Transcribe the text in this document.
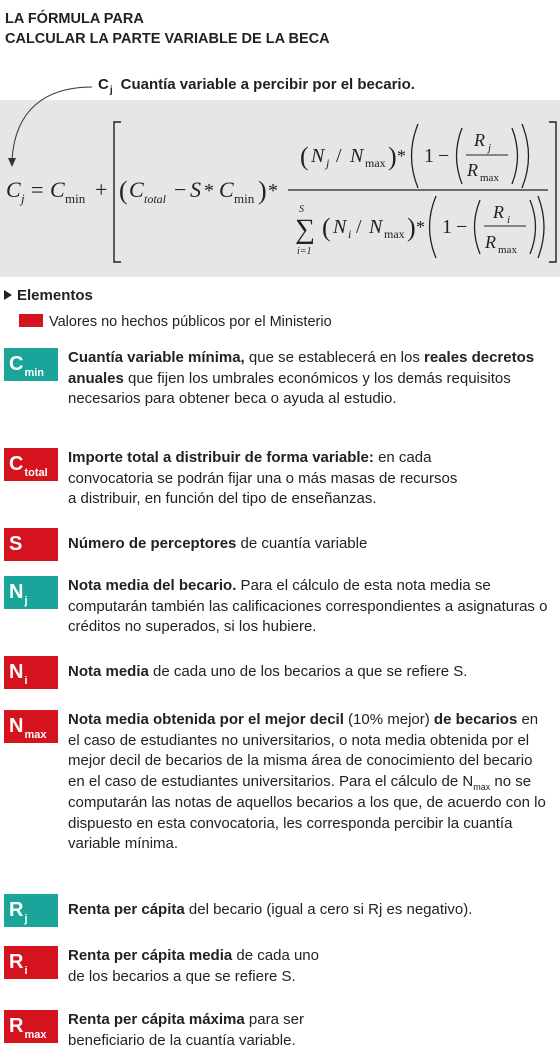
LA FÓRMULA PARA
CALCULAR LA PARTE VARIABLE DE LA BECA
$C_j$ Cuantía variable a percibir por el becario.
C j = C min + ( C total − S * C min ) *
( N j / N max ) * 1 −
R j
R max
S
∑
i=1
( N i / N max ) * 1 −
R i
R max
Elementos
Valores no hechos públicos por el Ministerio
$C_{min}$
Cuantía variable mínima, que se establecerá en los reales decretos anuales que fijen los umbrales económicos y los demás requisitos necesarios para obtener beca o ayuda al estudio.
$C_{total}$
Importe total a distribuir de forma variable: en cada
convocatoria se podrán fijar una o más masas de recursos
a distribuir, en función del tipo de enseñanzas.
S	Número de perceptores de cuantía variable
$N_j$
Nota media del becario. Para el cálculo de esta nota media se computarán también las calificaciones correspondientes a asignaturas o créditos no superados, si los hubiere.
$N_i$
Nota media de cada uno de los becarios a que se refiere S.
$N_{max}$
Nota media obtenida por el mejor decil (10% mejor) de becarios en el caso de estudiantes no universitarios, o nota media obtenida por el mejor decil de becarios de la misma área de conocimiento del becario en el caso de estudiantes universitarios. Para el cálculo de $N_{max}$ no se computarán las notas de aquellos becarios a los que, de acuerdo con lo dispuesto en esta convocatoria, les corresponda percibir la cuantía variable mínima.
$R_j$
Renta per cápita del becario (igual a cero si Rj es negativo).
$R_i$
Renta per cápita media de cada uno
de los becarios a que se refiere S.
$R_{max}$
Renta per cápita máxima para ser
beneficiario de la cuantía variable.
